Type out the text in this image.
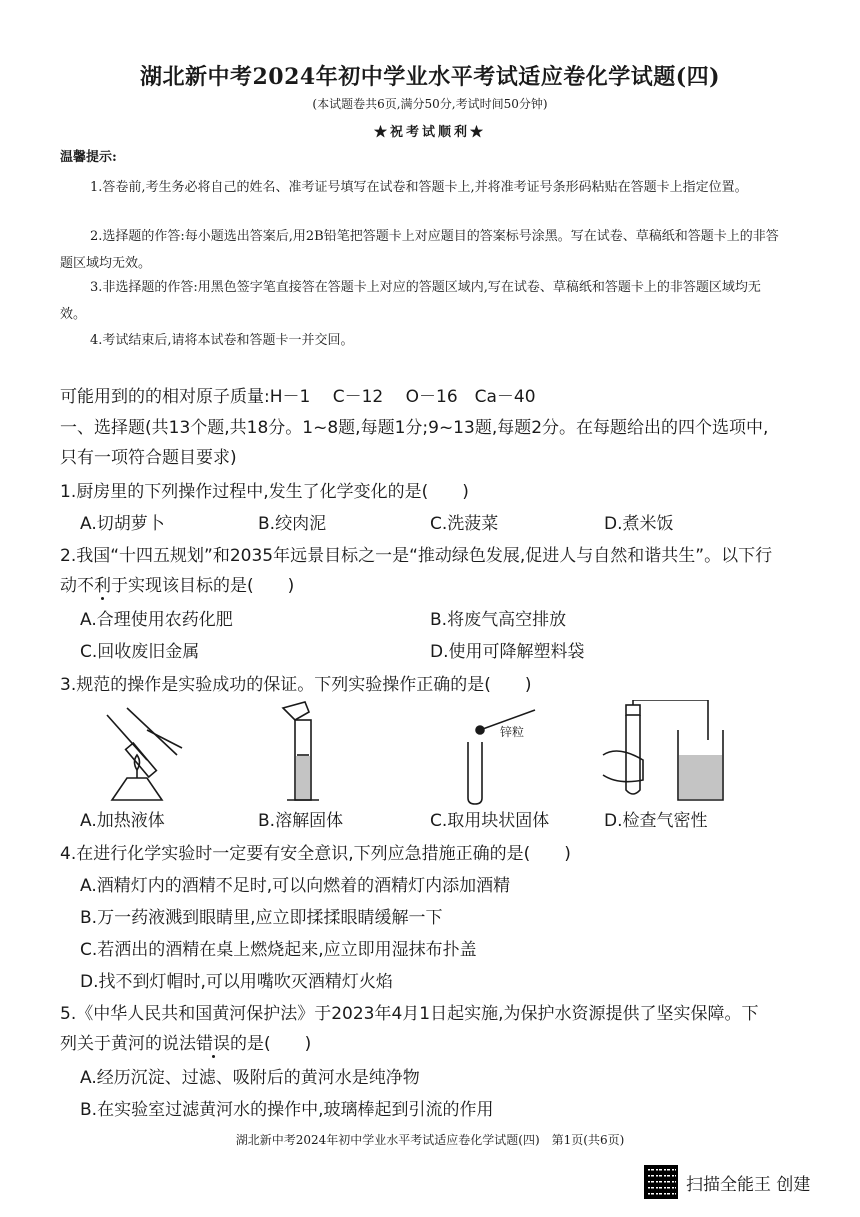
湖北新中考2024年初中学业水平考试适应卷化学试题(四)
(本试题卷共6页,满分50分,考试时间50分钟)
★祝考试顺利★
温馨提示:
1.答卷前,考生务必将自己的姓名、准考证号填写在试卷和答题卡上,并将准考证号条形码粘贴在答题卡上指定位置。
2.选择题的作答:每小题选出答案后,用2B铅笔把答题卡上对应题目的答案标号涂黑。写在试卷、草稿纸和答题卡上的非答题区域均无效。
3.非选择题的作答:用黑色签字笔直接答在答题卡上对应的答题区域内,写在试卷、草稿纸和答题卡上的非答题区域均无效。
4.考试结束后,请将本试卷和答题卡一并交回。
可能用到的的相对原子质量:H－1　 C－12　 O－16　Ca－40
一、选择题(共13个题,共18分。1~8题,每题1分;9~13题,每题2分。在每题给出的四个选项中,只有一项符合题目要求)
1.厨房里的下列操作过程中,发生了化学变化的是(　　)
A.切胡萝卜	B.绞肉泥	C.洗菠菜	D.煮米饭
2.我国“十四五规划”和2035年远景目标之一是“推动绿色发展,促进人与自然和谐共生”。以下行动不利于实现该目标的是(　　)
A.合理使用农药化肥	B.将废气高空排放
C.回收废旧金属	D.使用可降解塑料袋
3.规范的操作是实验成功的保证。下列实验操作正确的是(　　)
锌粒
A.加热液体	B.溶解固体	C.取用块状固体	D.检查气密性
4.在进行化学实验时一定要有安全意识,下列应急措施正确的是(　　)
A.酒精灯内的酒精不足时,可以向燃着的酒精灯内添加酒精
B.万一药液溅到眼睛里,应立即揉揉眼睛缓解一下
C.若洒出的酒精在桌上燃烧起来,应立即用湿抹布扑盖
D.找不到灯帽时,可以用嘴吹灭酒精灯火焰
5.《中华人民共和国黄河保护法》于2023年4月1日起实施,为保护水资源提供了坚实保障。下列关于黄河的说法错误的是(　　)
A.经历沉淀、过滤、吸附后的黄河水是纯净物
B.在实验室过滤黄河水的操作中,玻璃棒起到引流的作用
湖北新中考2024年初中学业水平考试适应卷化学试题(四)　第1页(共6页)
扫描全能王 创建
